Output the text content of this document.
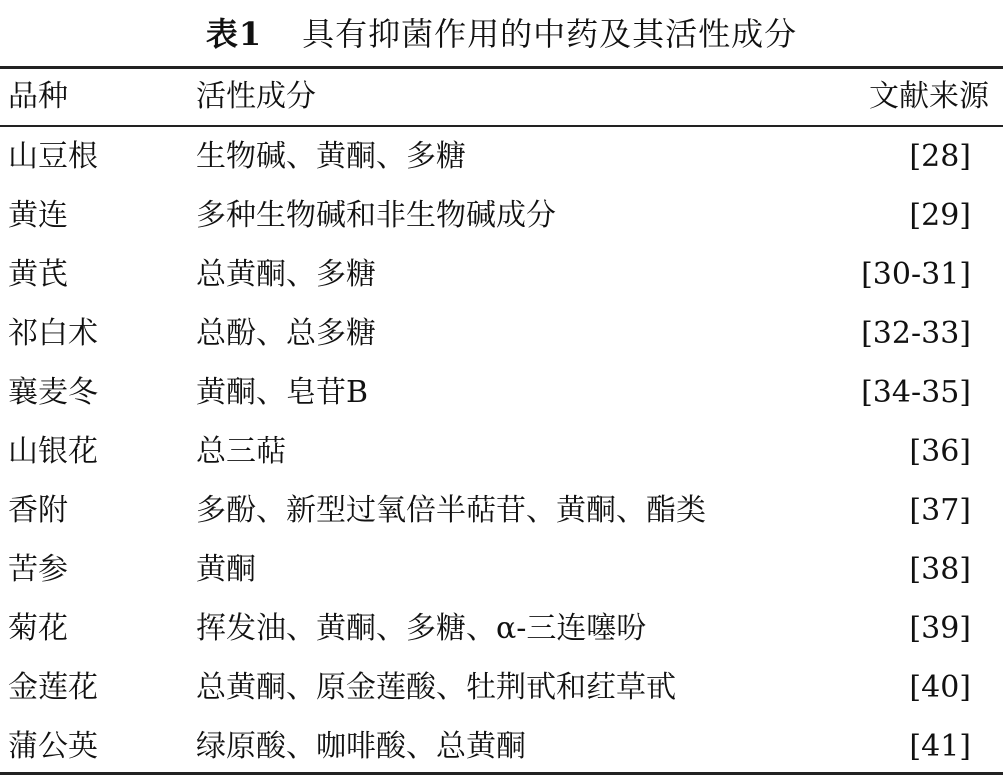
表1 具有抑菌作用的中药及其活性成分
品种	活性成分	文献来源
山豆根	生物碱、黄酮、多糖	[28]
黄连	多种生物碱和非生物碱成分	[29]
黄芪	总黄酮、多糖	[30-31]
祁白术	总酚、总多糖	[32-33]
襄麦冬	黄酮、皂苷B	[34-35]
山银花	总三萜	[36]
香附	多酚、新型过氧倍半萜苷、黄酮、酯类	[37]
苦参	黄酮	[38]
菊花	挥发油、黄酮、多糖、α-三连噻吩	[39]
金莲花	总黄酮、原金莲酸、牡荆甙和荭草甙	[40]
蒲公英	绿原酸、咖啡酸、总黄酮	[41]
